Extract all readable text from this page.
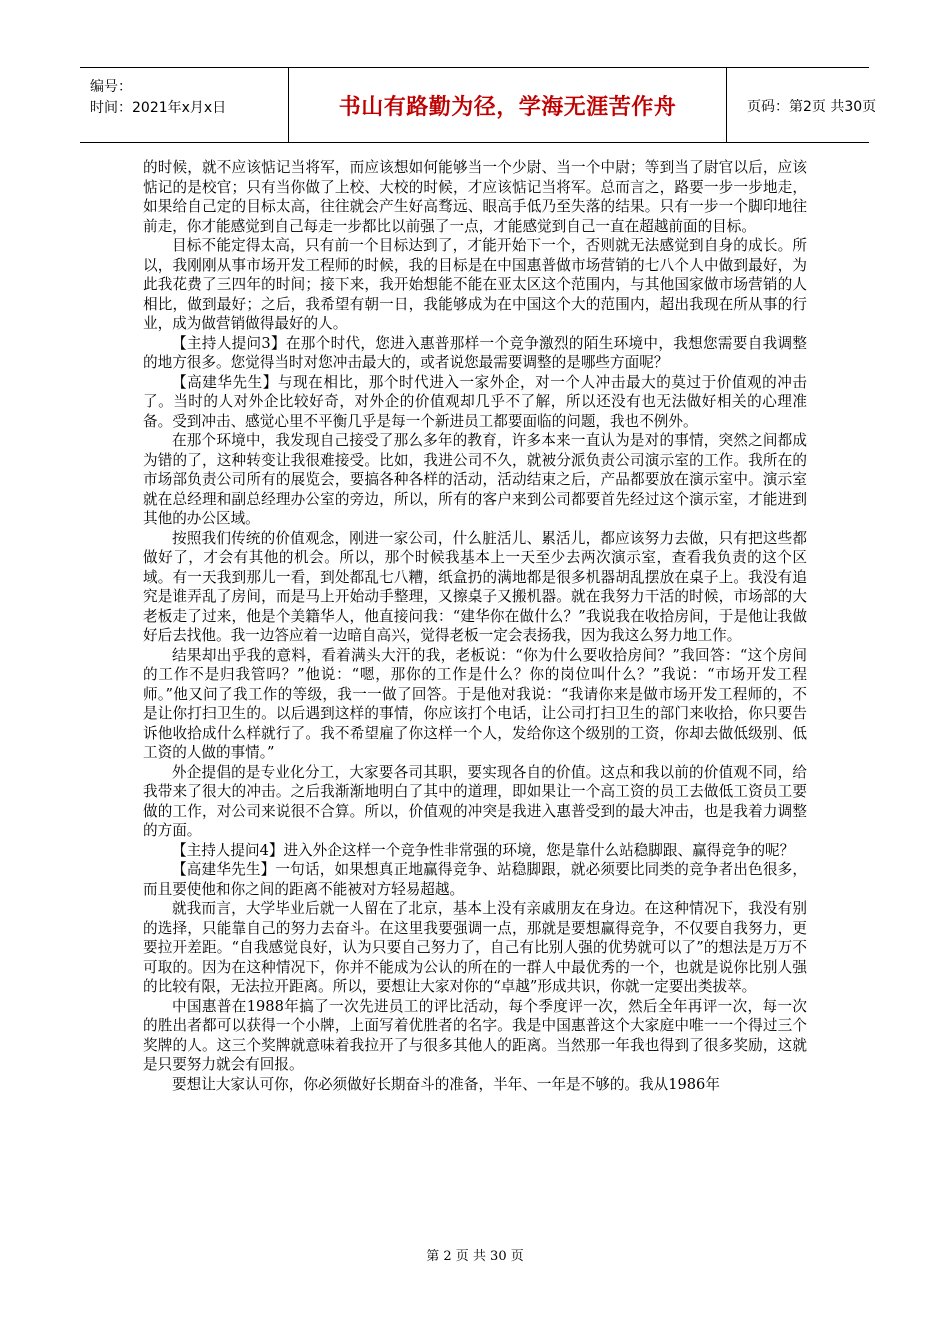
编号：
时间：2021年x月x日	书山有路勤为径，学海无涯苦作舟	页码：第2页 共30页

的时候，就不应该惦记当将军，而应该想如何能够当一个少尉、当一个中尉；等到当了尉官以后，应该惦记的是校官；只有当你做了上校、大校的时候，才应该惦记当将军。总而言之，路要一步一步地走，如果给自己定的目标太高，往往就会产生好高骛远、眼高手低乃至失落的结果。只有一步一个脚印地往前走，你才能感觉到自己每走一步都比以前强了一点，才能感觉到自己一直在超越前面的目标。

目标不能定得太高，只有前一个目标达到了，才能开始下一个，否则就无法感觉到自身的成长。所以，我刚刚从事市场开发工程师的时候，我的目标是在中国惠普做市场营销的七八个人中做到最好，为此我花费了三四年的时间；接下来，我开始想能不能在亚太区这个范围内，与其他国家做市场营销的人相比，做到最好；之后，我希望有朝一日，我能够成为在中国这个大的范围内，超出我现在所从事的行业，成为做营销做得最好的人。

【主持人提问3】在那个时代，您进入惠普那样一个竞争激烈的陌生环境中，我想您需要自我调整的地方很多。您觉得当时对您冲击最大的，或者说您最需要调整的是哪些方面呢？

【高建华先生】与现在相比，那个时代进入一家外企，对一个人冲击最大的莫过于价值观的冲击了。当时的人对外企比较好奇，对外企的价值观却几乎不了解，所以还没有也无法做好相关的心理准备。受到冲击、感觉心里不平衡几乎是每一个新进员工都要面临的问题，我也不例外。

在那个环境中，我发现自己接受了那么多年的教育，许多本来一直认为是对的事情，突然之间都成为错的了，这种转变让我很难接受。比如，我进公司不久，就被分派负责公司演示室的工作。我所在的市场部负责公司所有的展览会，要搞各种各样的活动，活动结束之后，产品都要放在演示室中。演示室就在总经理和副总经理办公室的旁边，所以，所有的客户来到公司都要首先经过这个演示室，才能进到其他的办公区域。

按照我们传统的价值观念，刚进一家公司，什么脏活儿、累活儿，都应该努力去做，只有把这些都做好了，才会有其他的机会。所以，那个时候我基本上一天至少去两次演示室，查看我负责的这个区域。有一天我到那儿一看，到处都乱七八糟，纸盒扔的满地都是很多机器胡乱摆放在桌子上。我没有追究是谁弄乱了房间，而是马上开始动手整理，又擦桌子又搬机器。就在我努力干活的时候，市场部的大老板走了过来，他是个美籍华人，他直接问我：“建华你在做什么？”我说我在收拾房间，于是他让我做好后去找他。我一边答应着一边暗自高兴，觉得老板一定会表扬我，因为我这么努力地工作。

结果却出乎我的意料，看着满头大汗的我，老板说：“你为什么要收拾房间？”我回答：“这个房间的工作不是归我管吗？”他说：“嗯，那你的工作是什么？你的岗位叫什么？”我说：“市场开发工程师。”他又问了我工作的等级，我一一做了回答。于是他对我说：“我请你来是做市场开发工程师的，不是让你打扫卫生的。以后遇到这样的事情，你应该打个电话，让公司打扫卫生的部门来收拾，你只要告诉他收拾成什么样就行了。我不希望雇了你这样一个人，发给你这个级别的工资，你却去做低级别、低工资的人做的事情。”

外企提倡的是专业化分工，大家要各司其职，要实现各自的价值。这点和我以前的价值观不同，给我带来了很大的冲击。之后我渐渐地明白了其中的道理，即如果让一个高工资的员工去做低工资员工要做的工作，对公司来说很不合算。所以，价值观的冲突是我进入惠普受到的最大冲击，也是我着力调整的方面。

【主持人提问4】进入外企这样一个竞争性非常强的环境，您是靠什么站稳脚跟、赢得竞争的呢？

【高建华先生】一句话，如果想真正地赢得竞争、站稳脚跟，就必须要比同类的竞争者出色很多，而且要使他和你之间的距离不能被对方轻易超越。

就我而言，大学毕业后就一人留在了北京，基本上没有亲戚朋友在身边。在这种情况下，我没有别的选择，只能靠自己的努力去奋斗。在这里我要强调一点，那就是要想赢得竞争，不仅要自我努力，更要拉开差距。“自我感觉良好，认为只要自己努力了，自己有比别人强的优势就可以了”的想法是万万不可取的。因为在这种情况下，你并不能成为公认的所在的一群人中最优秀的一个，也就是说你比别人强的比较有限，无法拉开距离。所以，要想让大家对你的“卓越”形成共识，你就一定要出类拔萃。

中国惠普在1988年搞了一次先进员工的评比活动，每个季度评一次，然后全年再评一次，每一次的胜出者都可以获得一个小牌，上面写着优胜者的名字。我是中国惠普这个大家庭中唯一一个得过三个奖牌的人。这三个奖牌就意味着我拉开了与很多其他人的距离。当然那一年我也得到了很多奖励，这就是只要努力就会有回报。

要想让大家认可你，你必须做好长期奋斗的准备，半年、一年是不够的。我从1986年

第 2 页 共 30 页
